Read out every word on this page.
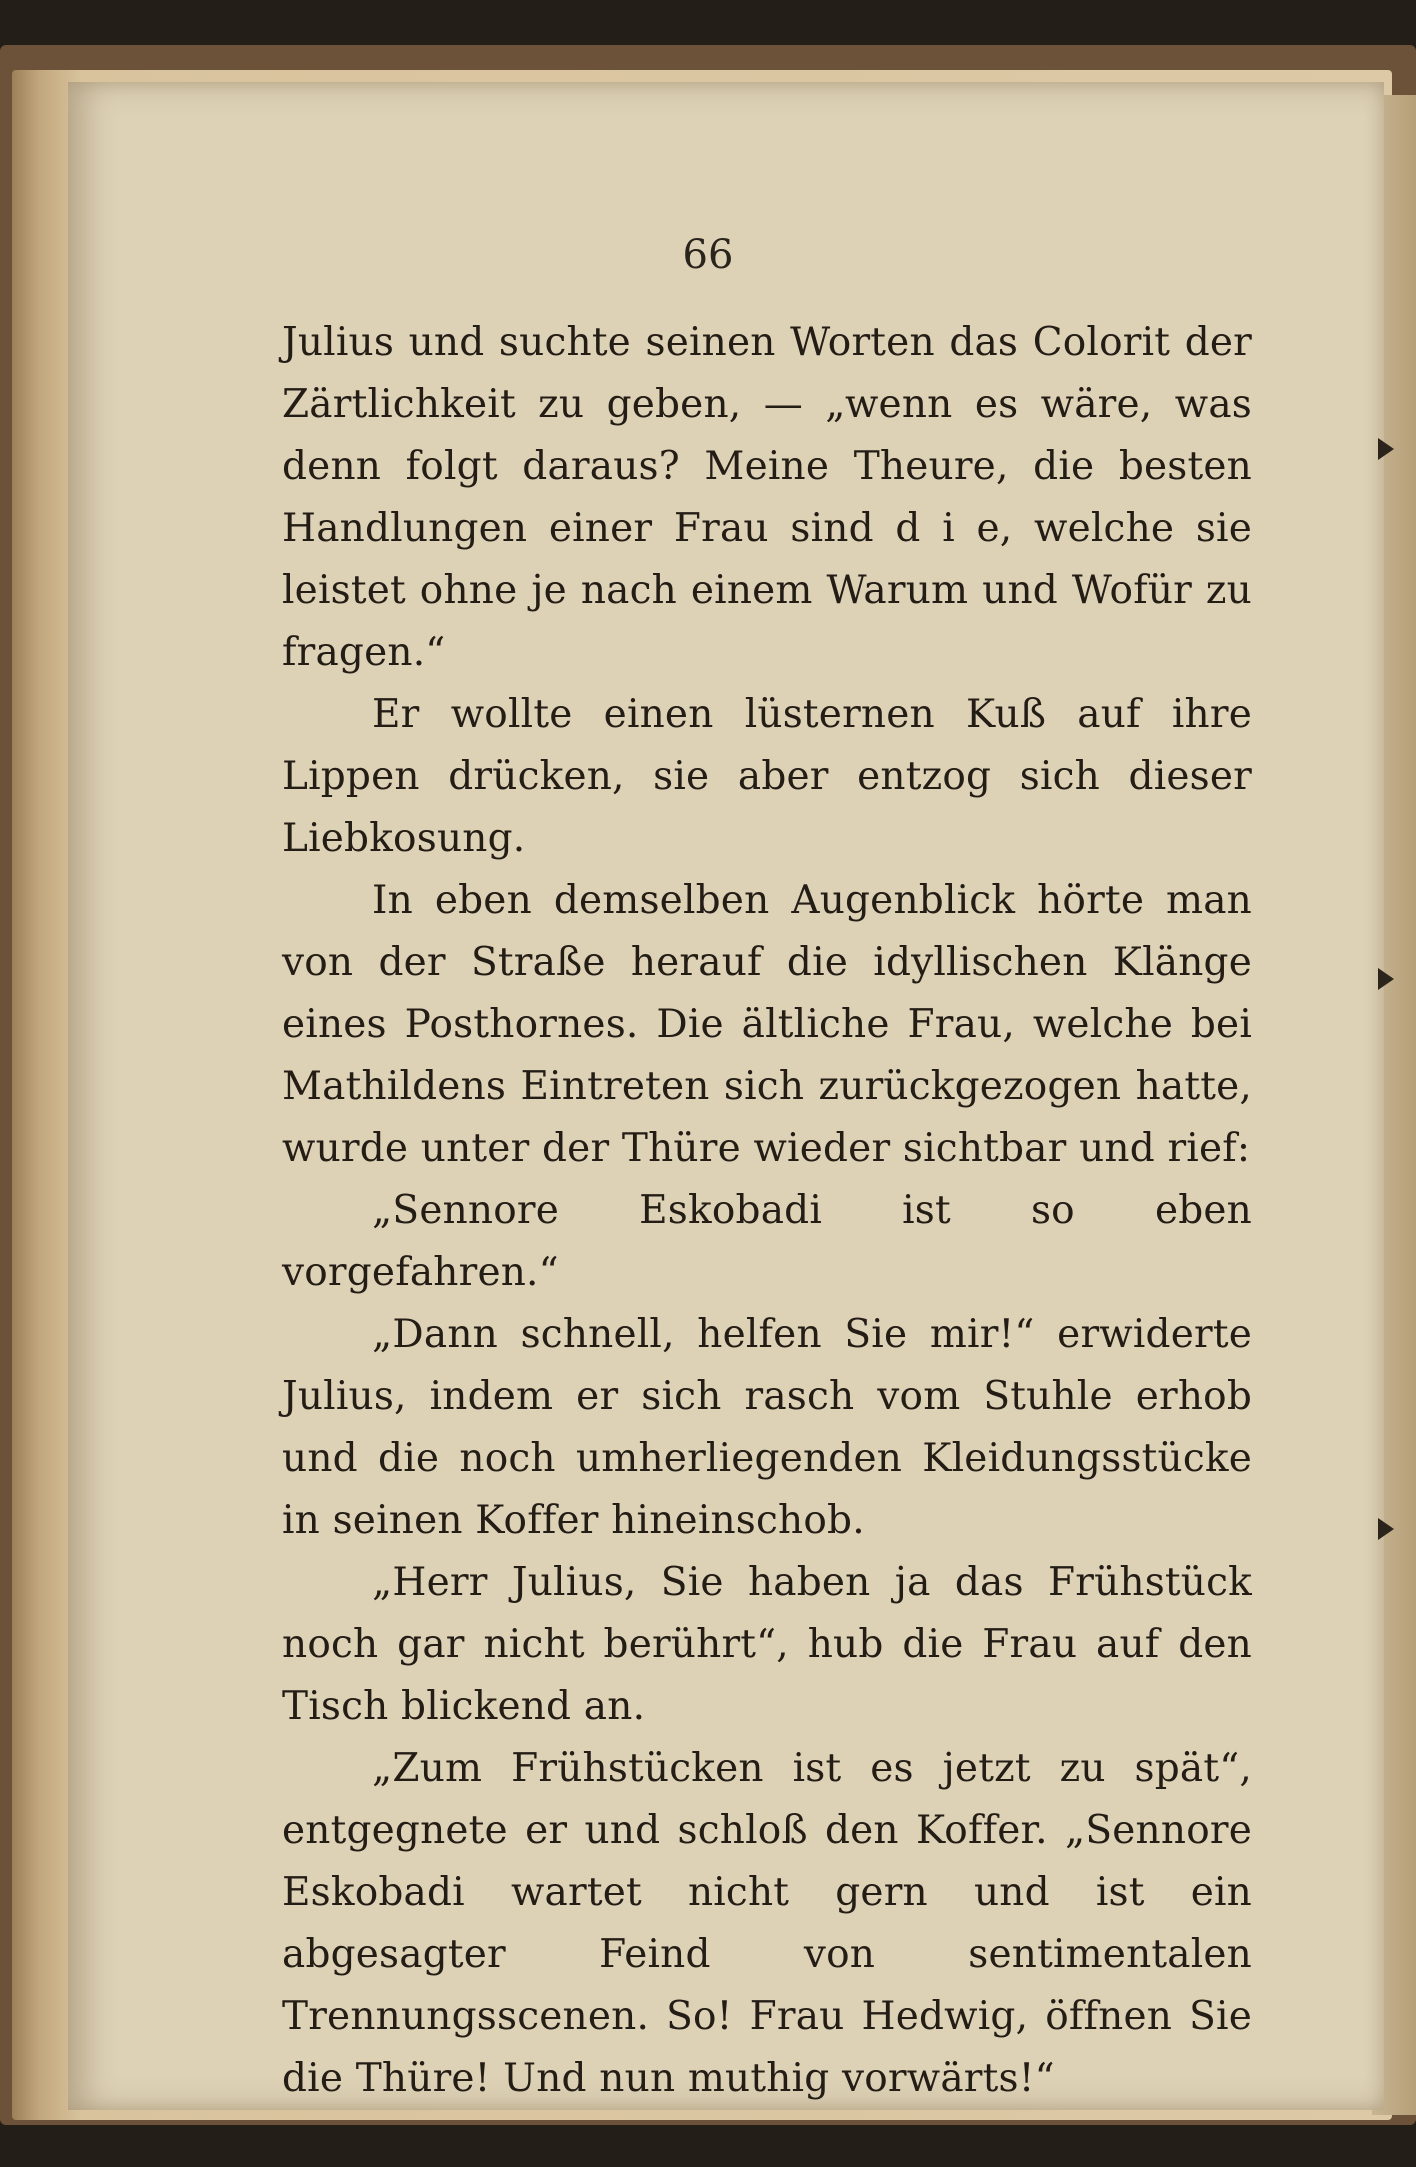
66

Julius und suchte seinen Worten das Colorit der Zärtlichkeit zu geben, — „wenn es wäre, was denn folgt daraus? Meine Theure, die besten Handlungen einer Frau sind d i e, welche sie leistet ohne je nach einem Warum und Wofür zu fragen.“

Er wollte einen lüsternen Kuß auf ihre Lippen drücken, sie aber entzog sich dieser Liebkosung.

In eben demselben Augenblick hörte man von der Straße herauf die idyllischen Klänge eines Posthornes. Die ältliche Frau, welche bei Mathildens Eintreten sich zurückgezogen hatte, wurde unter der Thüre wieder sichtbar und rief:

„Sennore Eskobadi ist so eben vorgefahren.“

„Dann schnell, helfen Sie mir!“ erwiderte Julius, indem er sich rasch vom Stuhle erhob und die noch umherliegenden Kleidungsstücke in seinen Koffer hineinschob.

„Herr Julius, Sie haben ja das Frühstück noch gar nicht berührt“, hub die Frau auf den Tisch blickend an.

„Zum Frühstücken ist es jetzt zu spät“, entgegnete er und schloß den Koffer. „Sennore Eskobadi wartet nicht gern und ist ein abgesagter Feind von sentimentalen Trennungsscenen. So! Frau Hedwig, öffnen Sie die Thüre! Und nun muthig vorwärts!“
